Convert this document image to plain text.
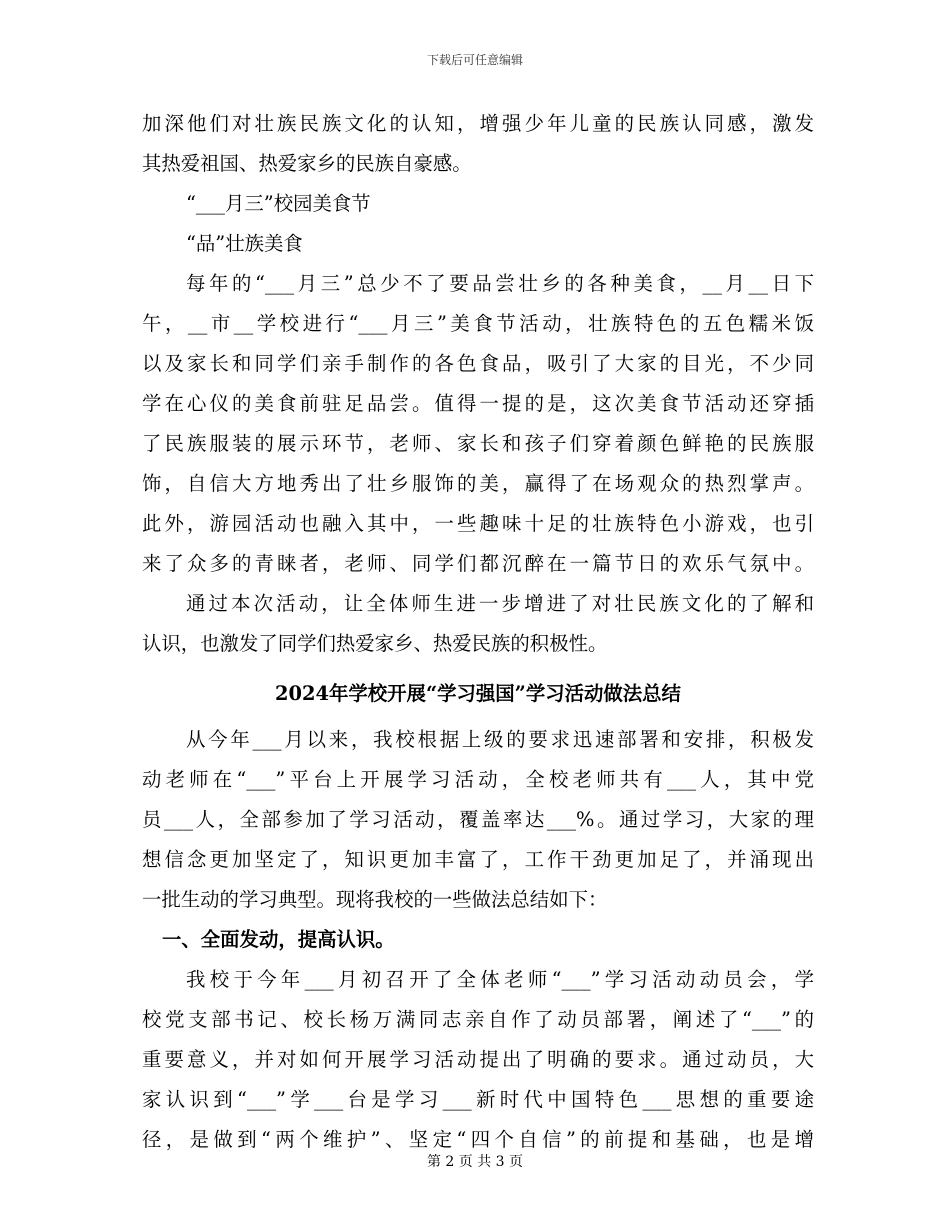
下载后可任意编辑
加深他们对壮族民族文化的认知，增强少年儿童的民族认同感，激发
其热爱祖国、热爱家乡的民族自豪感。
“___月三”校园美食节
“品”壮族美食
每年的“___月三”总少不了要品尝壮乡的各种美食，__月__日下
午，__市__学校进行“___月三”美食节活动，壮族特色的五色糯米饭
以及家长和同学们亲手制作的各色食品，吸引了大家的目光，不少同
学在心仪的美食前驻足品尝。值得一提的是，这次美食节活动还穿插
了民族服装的展示环节，老师、家长和孩子们穿着颜色鲜艳的民族服
饰，自信大方地秀出了壮乡服饰的美，赢得了在场观众的热烈掌声。
此外，游园活动也融入其中，一些趣味十足的壮族特色小游戏，也引
来了众多的青睐者，老师、同学们都沉醉在一篇节日的欢乐气氛中。
通过本次活动，让全体师生进一步增进了对壮民族文化的了解和
认识，也激发了同学们热爱家乡、热爱民族的积极性。
2024年学校开展“学习强国”学习活动做法总结
从今年___月以来，我校根据上级的要求迅速部署和安排，积极发
动老师在“___”平台上开展学习活动，全校老师共有___人，其中党
员___人，全部参加了学习活动，覆盖率达___%。通过学习，大家的理
想信念更加坚定了，知识更加丰富了，工作干劲更加足了，并涌现出
一批生动的学习典型。现将我校的一些做法总结如下：
一、全面发动，提高认识。
我校于今年___月初召开了全体老师“___”学习活动动员会，学
校党支部书记、校长杨万满同志亲自作了动员部署，阐述了“___”的
重要意义，并对如何开展学习活动提出了明确的要求。通过动员，大
家认识到“___”学___台是学习___新时代中国特色___思想的重要途
径，是做到“两个维护”、坚定“四个自信”的前提和基础，也是增
第 2 页 共 3 页
